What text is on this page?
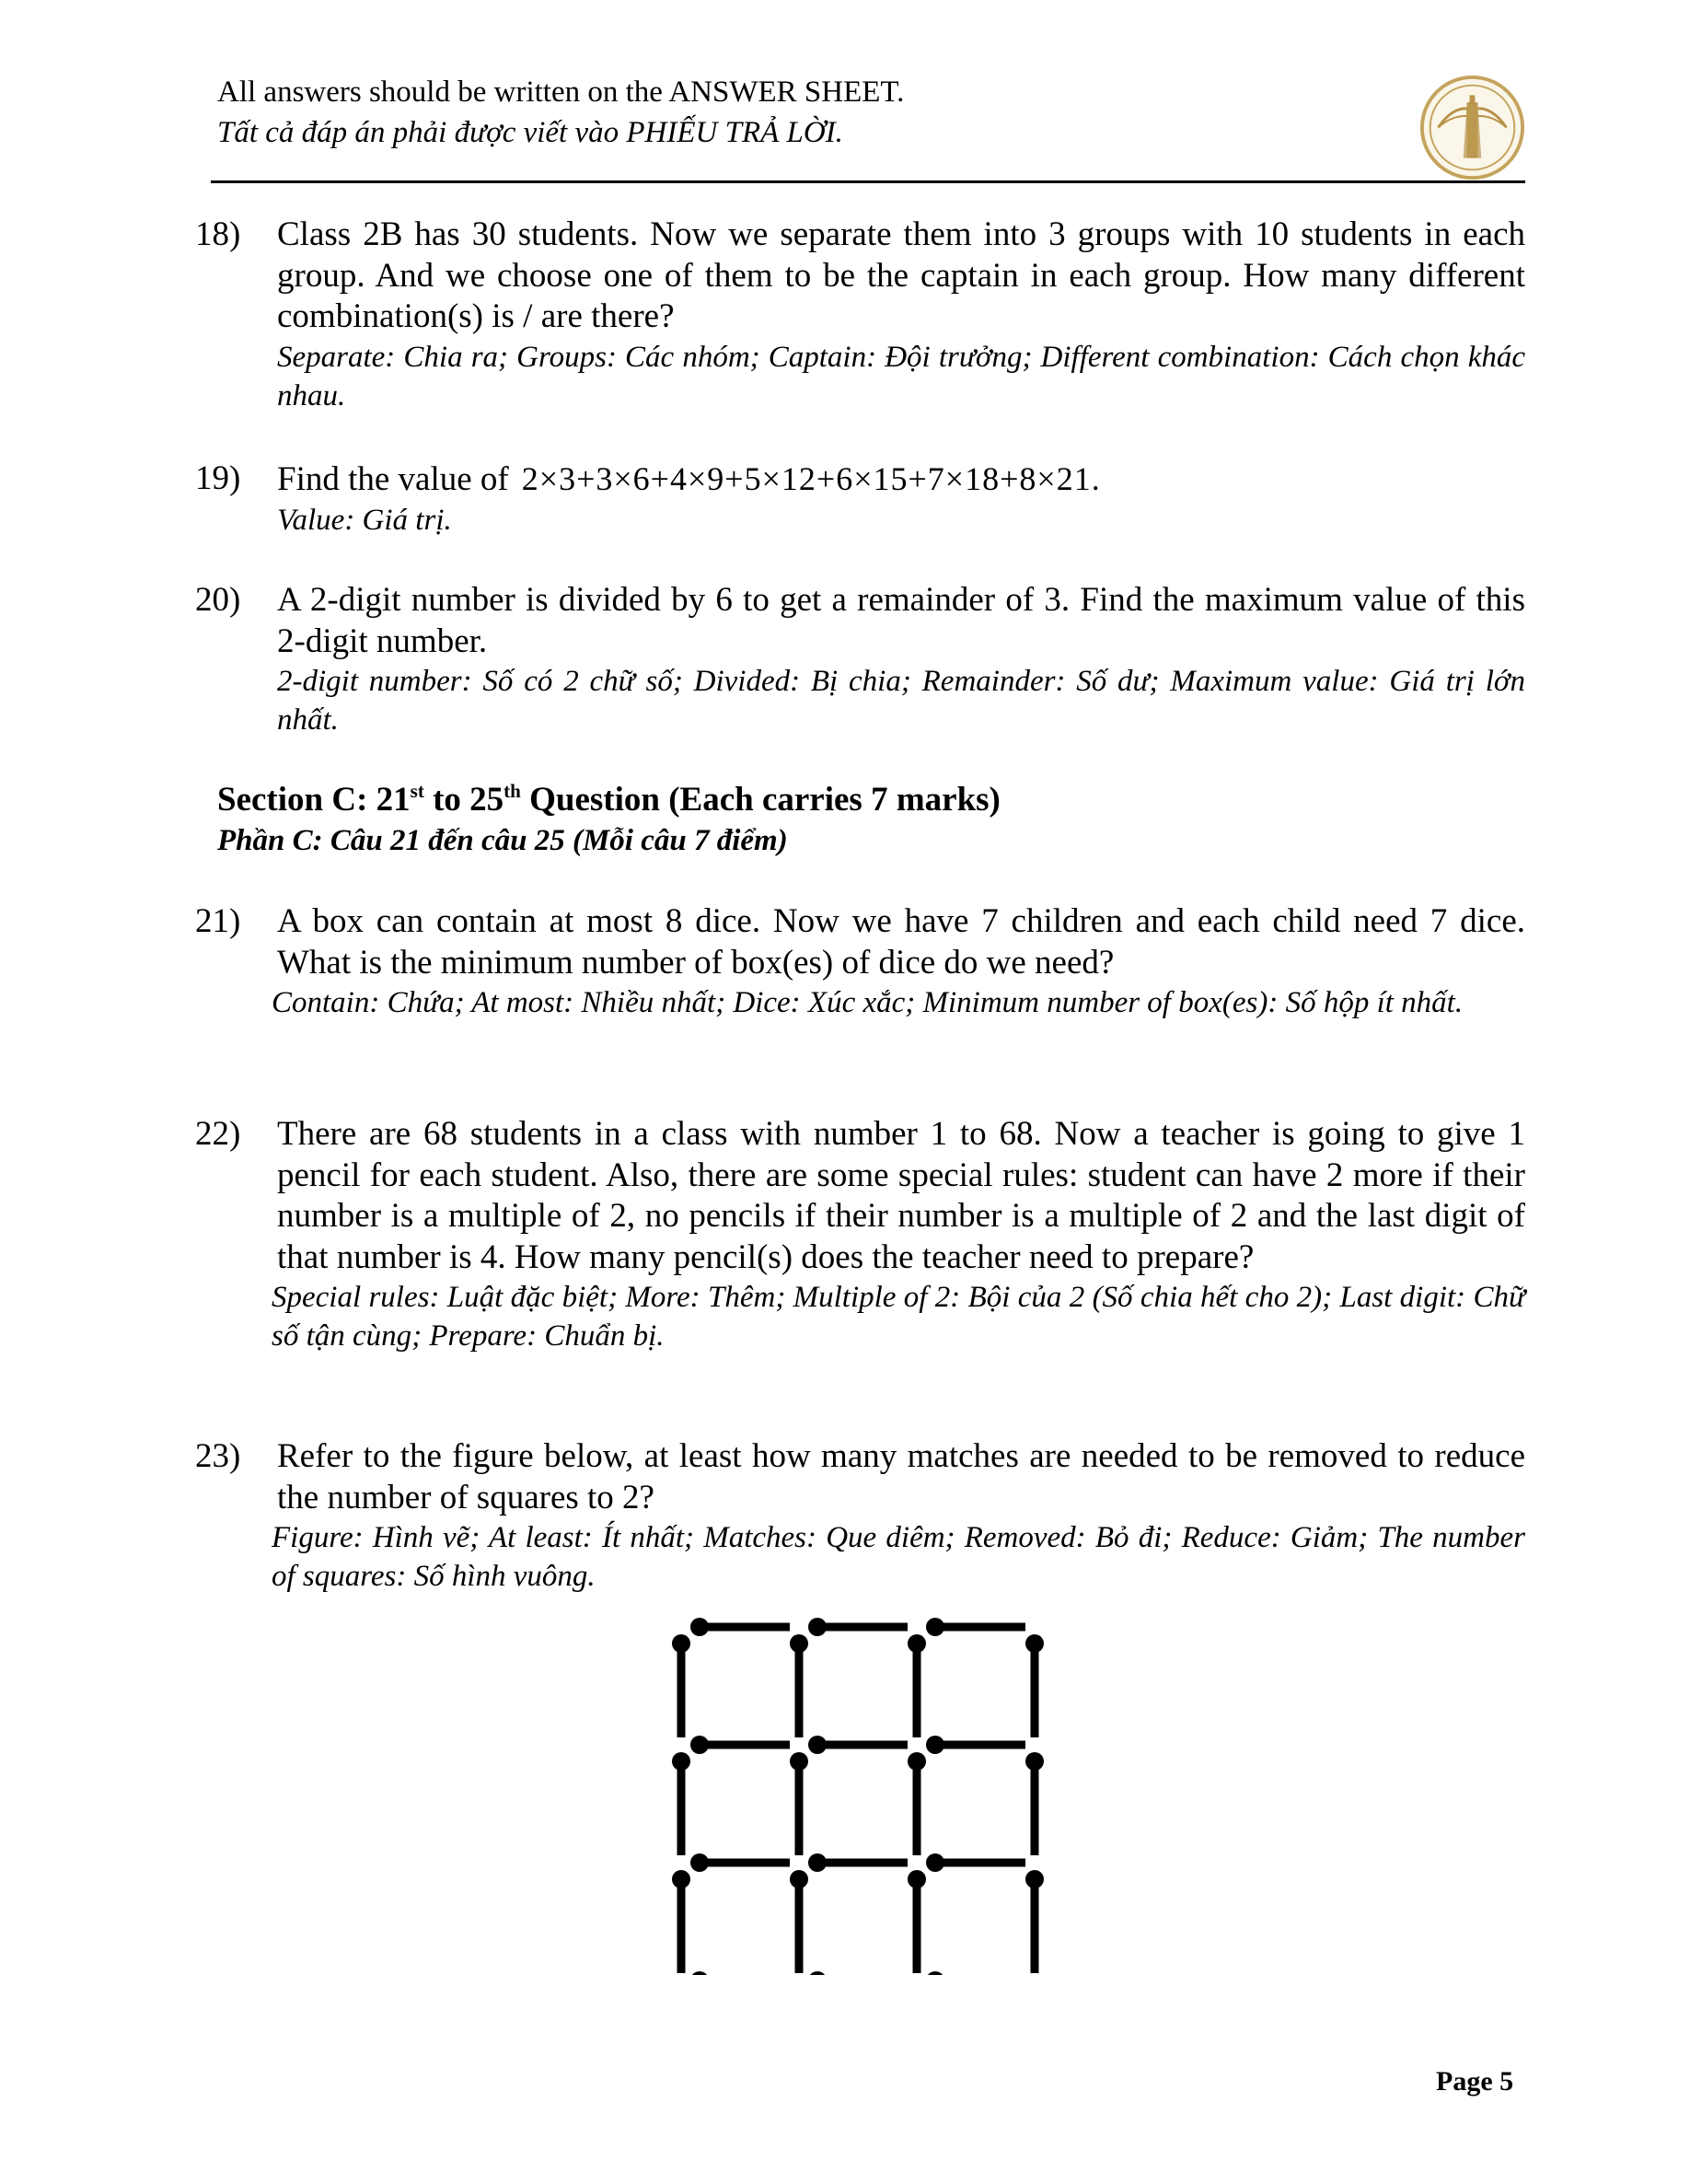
All answers should be written on the ANSWER SHEET.
Tất cả đáp án phải được viết vào PHIẾU TRẢ LỜI.
18) Class 2B has 30 students. Now we separate them into 3 groups with 10 students in each group. And we choose one of them to be the captain in each group. How many different combination(s) is / are there?
Separate: Chia ra; Groups: Các nhóm; Captain: Đội trưởng; Different combination: Cách chọn khác nhau.
19) Find the value of 2×3+3×6+4×9+5×12+6×15+7×18+8×21.
Value: Giá trị.
20) A 2-digit number is divided by 6 to get a remainder of 3. Find the maximum value of this 2-digit number.
2-digit number: Số có 2 chữ số; Divided: Bị chia; Remainder: Số dư; Maximum value: Giá trị lớn nhất.
Section C: 21st to 25th Question (Each carries 7 marks)
Phần C: Câu 21 đến câu 25 (Mỗi câu 7 điểm)
21) A box can contain at most 8 dice. Now we have 7 children and each child need 7 dice. What is the minimum number of box(es) of dice do we need?
Contain: Chứa; At most: Nhiều nhất; Dice: Xúc xắc; Minimum number of box(es): Số hộp ít nhất.
22) There are 68 students in a class with number 1 to 68. Now a teacher is going to give 1 pencil for each student. Also, there are some special rules: student can have 2 more if their number is a multiple of 2, no pencils if their number is a multiple of 2 and the last digit of that number is 4. How many pencil(s) does the teacher need to prepare?
Special rules: Luật đặc biệt; More: Thêm; Multiple of 2: Bội của 2 (Số chia hết cho 2); Last digit: Chữ số tận cùng; Prepare: Chuẩn bị.
23) Refer to the figure below, at least how many matches are needed to be removed to reduce the number of squares to 2?
Figure: Hình vẽ; At least: Ít nhất; Matches: Que diêm; Removed: Bỏ đi; Reduce: Giảm; The number of squares: Số hình vuông.
Page 5
